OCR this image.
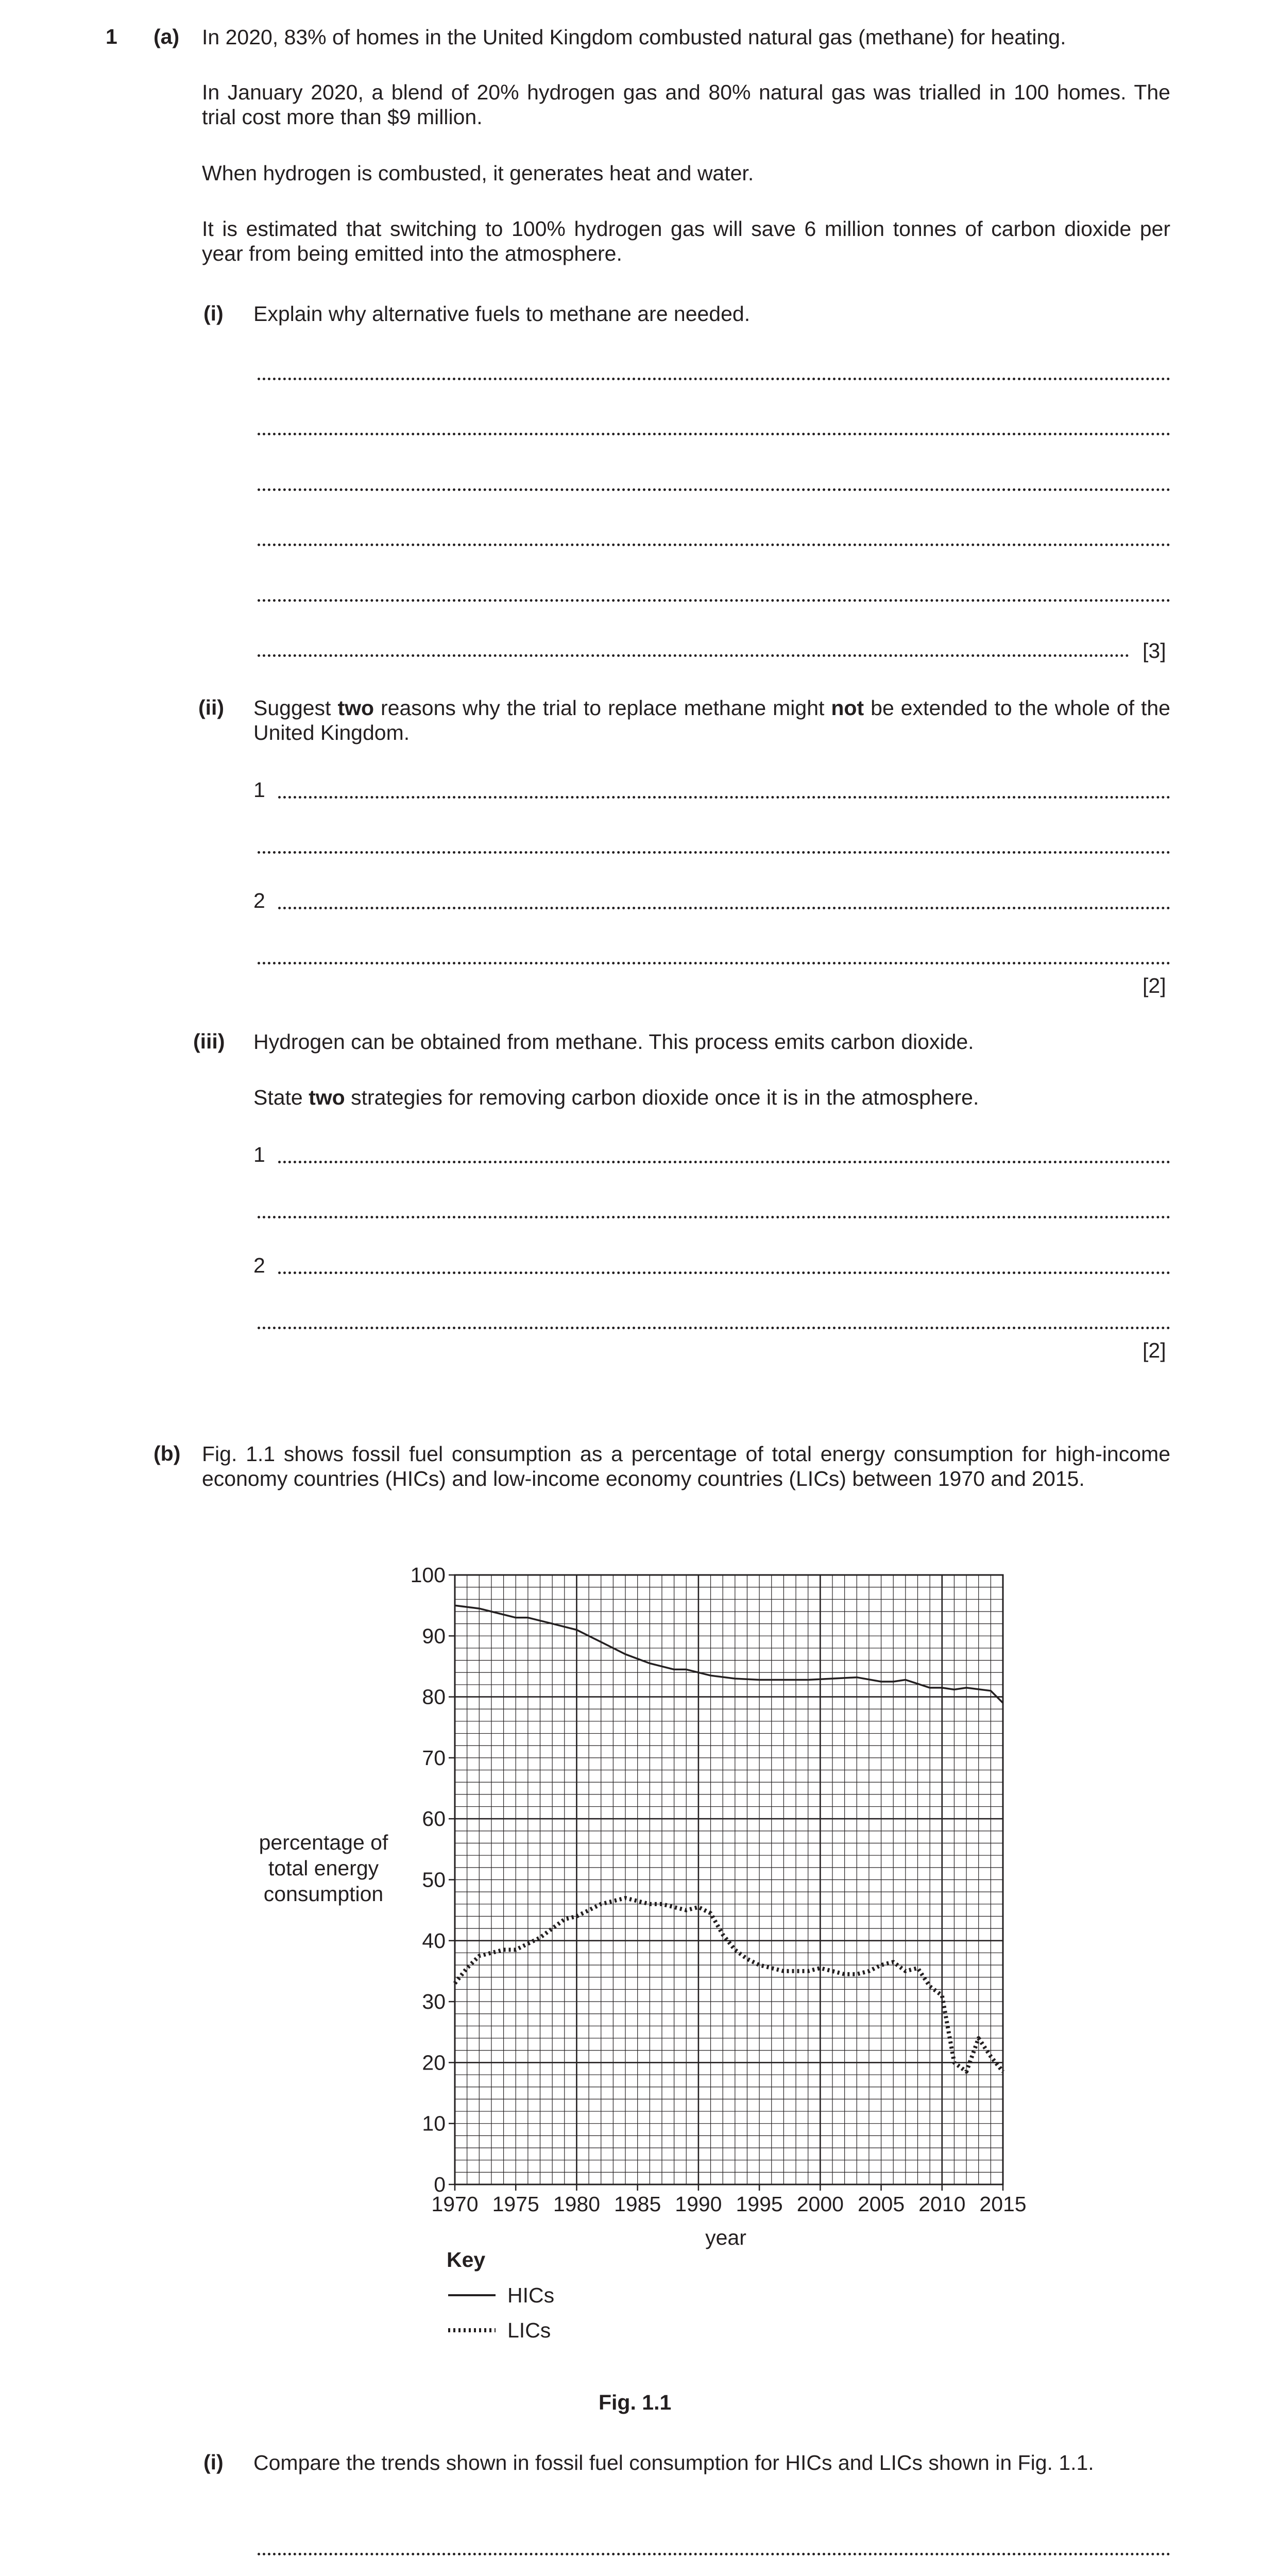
1 (a) In 2020, 83% of homes in the United Kingdom combusted natural gas (methane) for heating.

In January 2020, a blend of 20% hydrogen gas and 80% natural gas was trialled in 100 homes. The trial cost more than $9 million.

When hydrogen is combusted, it generates heat and water.

It is estimated that switching to 100% hydrogen gas will save 6 million tonnes of carbon dioxide per year from being emitted into the atmosphere.

(i) Explain why alternative fuels to methane are needed.

[3]
(ii) Suggest two reasons why the trial to replace methane might not be extended to the whole of the United Kingdom.

1
2
[2]
(iii) Hydrogen can be obtained from methane. This process emits carbon dioxide.

State two strategies for removing carbon dioxide once it is in the atmosphere.

1
2
[2]
(b) Fig. 1.1 shows fossil fuel consumption as a percentage of total energy consumption for high-income economy countries (HICs) and low-income economy countries (LICs) between 1970 and 2015.

1970 1975 1980 1985 1990 1995 2000 2005 2010 2015
0
10
20
30
40
50
60
70
80
90
100
percentage of
total energy
consumption
year
Key
HICs
LICs
Fig. 1.1
(i) Compare the trends shown in fossil fuel consumption for HICs and LICs shown in Fig. 1.1.
